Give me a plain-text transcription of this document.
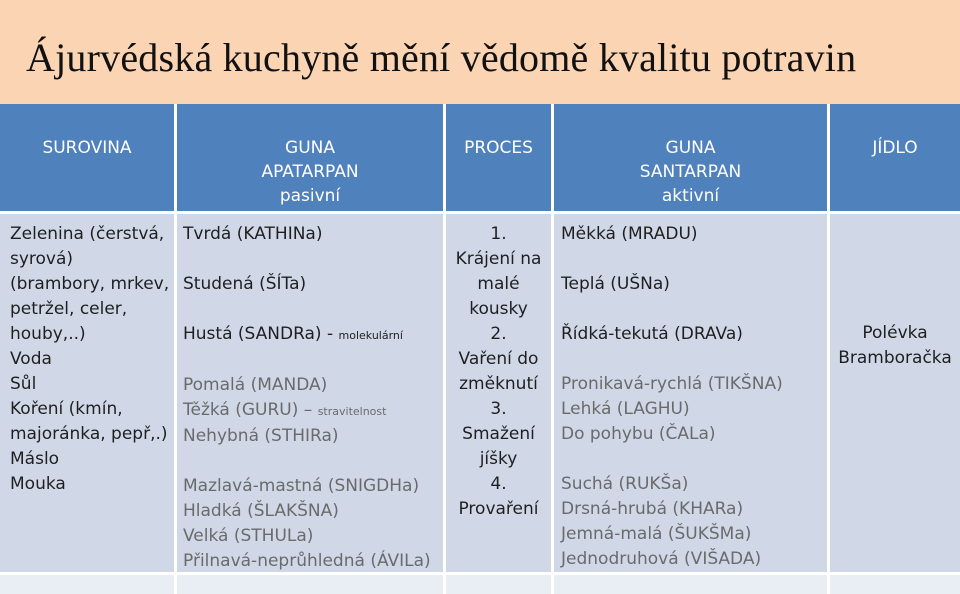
Ájurvédská kuchyně mění vědomě kvalitu potravin
SUROVINA	GUNA
APATARPAN
pasivní
PROCES	GUNA
SANTARPAN
aktivní
JÍDLO
Zelenina (čerstvá,
syrová)
(brambory, mrkev,
petržel, celer,
houby,..)
Voda
Sůl
Koření (kmín,
majoránka, pepř,.)
Máslo
Mouka
Tvrdá (KATHINa)
Studená (ŠÍTa)
Hustá (SANDRa) - molekulární
Pomalá (MANDA)
Těžká (GURU) – stravitelnost
Nehybná (STHIRa)
Mazlavá-mastná (SNIGDHa)
Hladká (ŠLAKŠNA)
Velká (STHULa)
Přilnavá-neprůhledná (ÁVILa)
1.
Krájení na
malé
kousky
2.
Vaření do
změknutí
3.
Smažení
jíšky
4.
Provaření
Měkká (MRADU)
Teplá (UŠNa)
Řídká-tekutá (DRAVa)
Pronikavá-rychlá (TIKŠNA)
Lehká (LAGHU)
Do pohybu (ČALa)
Suchá (RUKŠa)
Drsná-hrubá (KHARa)
Jemná-malá (ŠUKŠMa)
Jednodruhová (VIŠADA)
Polévka
Bramboračka
